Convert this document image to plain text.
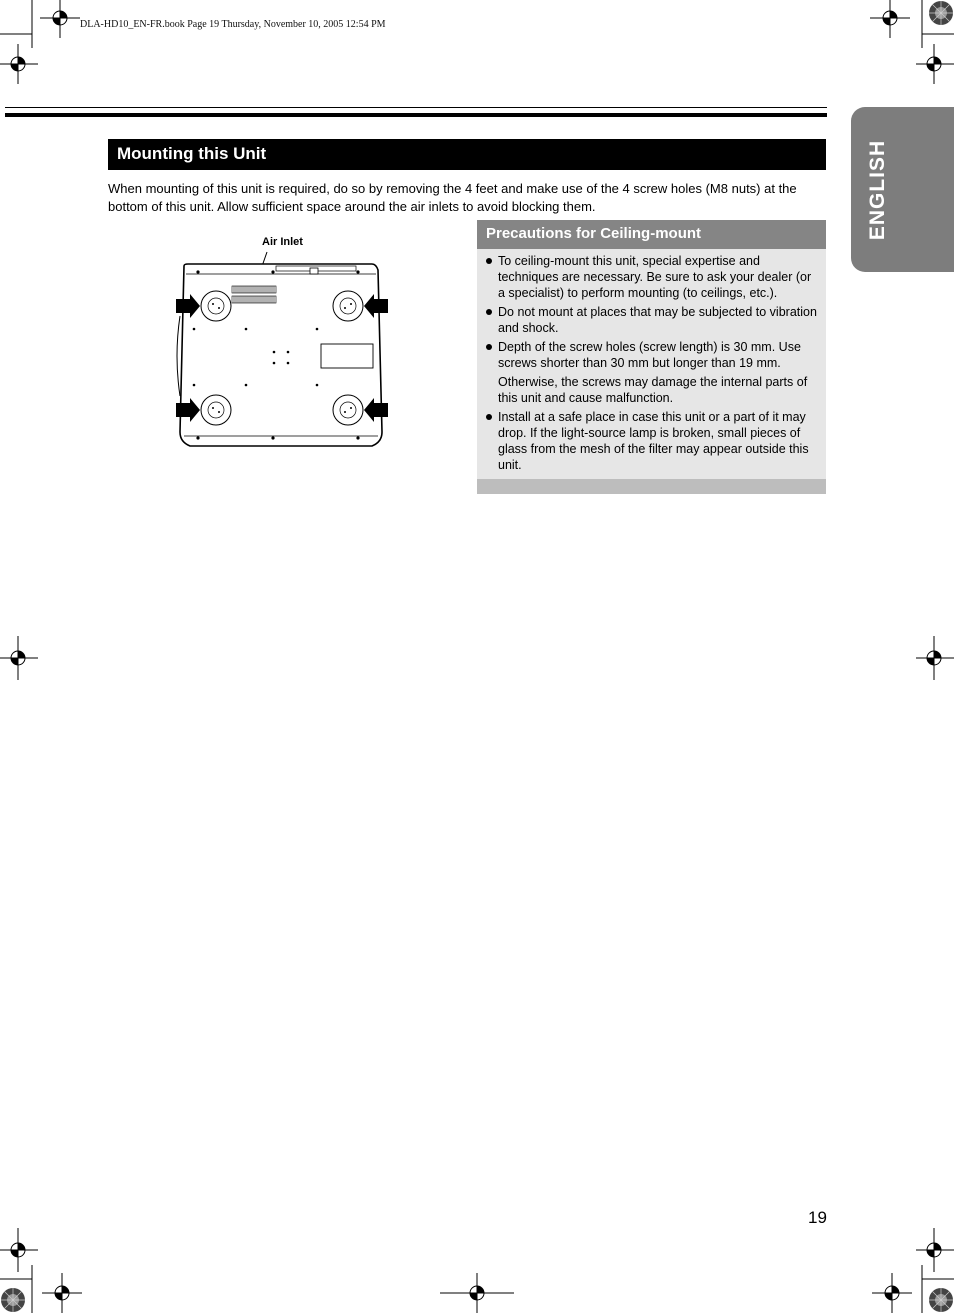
DLA-HD10_EN-FR.book Page 19 Thursday, November 10, 2005 12:54 PM
ENGLISH
Mounting this Unit
When mounting of this unit is required, do so by removing the 4 feet and make use of the 4 screw holes (M8 nuts) at the bottom of this unit. Allow sufficient space around the air inlets to avoid blocking them.
Air Inlet	Precautions for Ceiling-mount

To ceiling-mount this unit, special expertise and techniques are necessary. Be sure to ask your dealer (or a specialist) to perform mounting (to ceilings, etc.).

Do not mount at places that may be subjected to vibration and shock.

Depth of the screw holes (screw length) is 30 mm. Use screws shorter than 30 mm but longer than 19 mm.

Otherwise, the screws may damage the internal parts of this unit and cause malfunction.

Install at a safe place in case this unit or a part of it may drop. If the light-source lamp is broken, small pieces of glass from the mesh of the filter may appear outside this unit.

19
